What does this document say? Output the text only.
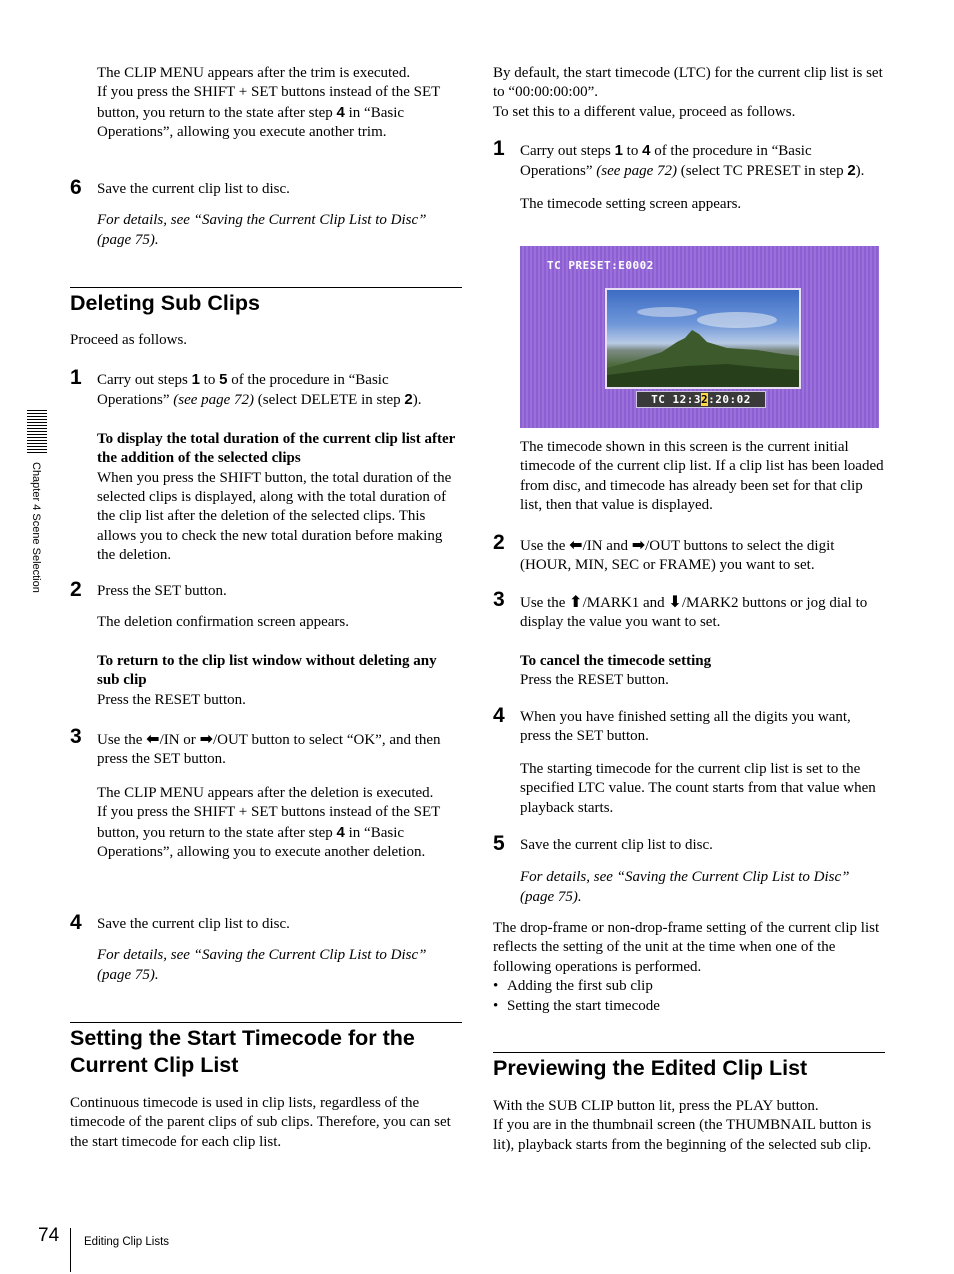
Chapter 4 Scene Selection

The CLIP MENU appears after the trim is executed.

If you press the SHIFT + SET buttons instead of the SET button, you return to the state after step 4 in “Basic Operations”, allowing you execute another trim.

6	Save the current clip list to disc.

For details, see “Saving the Current Clip List to Disc” (page 75).

Deleting Sub Clips

Proceed as follows.

1	Carry out steps 1 to 5 of the procedure in “Basic Operations” (see page 72) (select DELETE in step 2).

To display the total duration of the current clip list after the addition of the selected clips

When you press the SHIFT button, the total duration of the selected clips is displayed, along with the total duration of the clip list after the deletion of the selected clips. This allows you to check the new total duration before making the deletion.

2	Press the SET button.

The deletion confirmation screen appears.

To return to the clip list window without deleting any sub clip

Press the RESET button.

3	Use the ⬅/IN or ➡/OUT button to select “OK”, and then press the SET button.

The CLIP MENU appears after the deletion is executed.

If you press the SHIFT + SET buttons instead of the SET button, you return to the state after step 4 in “Basic Operations”, allowing you to execute another deletion.

4	Save the current clip list to disc.

For details, see “Saving the Current Clip List to Disc” (page 75).

Setting the Start Timecode for the Current Clip List

Continuous timecode is used in clip lists, regardless of the timecode of the parent clips of sub clips. Therefore, you can set the start timecode for each clip list.

By default, the start timecode (LTC) for the current clip list is set to “00:00:00:00”.

To set this to a different value, proceed as follows.

1	Carry out steps 1 to 4 of the procedure in “Basic Operations” (see page 72) (select TC PRESET in step 2).

The timecode setting screen appears.

TC PRESET:E0002
TC 12:32:20:02

The timecode shown in this screen is the current initial timecode of the current clip list. If a clip list has been loaded from disc, and timecode has already been set for that clip list, then that value is displayed.

2	Use the ⬅/IN and ➡/OUT buttons to select the digit (HOUR, MIN, SEC or FRAME) you want to set.

3	Use the ⬆/MARK1 and ⬇/MARK2 buttons or jog dial to display the value you want to set.

To cancel the timecode setting

Press the RESET button.

4	When you have finished setting all the digits you want, press the SET button.

The starting timecode for the current clip list is set to the specified LTC value. The count starts from that value when playback starts.

5	Save the current clip list to disc.

For details, see “Saving the Current Clip List to Disc” (page 75).

The drop-frame or non-drop-frame setting of the current clip list reflects the setting of the unit at the time when one of the following operations is performed.

• Adding the first sub clip
• Setting the start timecode
Previewing the Edited Clip List

With the SUB CLIP button lit, press the PLAY button.

If you are in the thumbnail screen (the THUMBNAIL button is lit), playback starts from the beginning of the selected sub clip.

74 Editing Clip Lists
